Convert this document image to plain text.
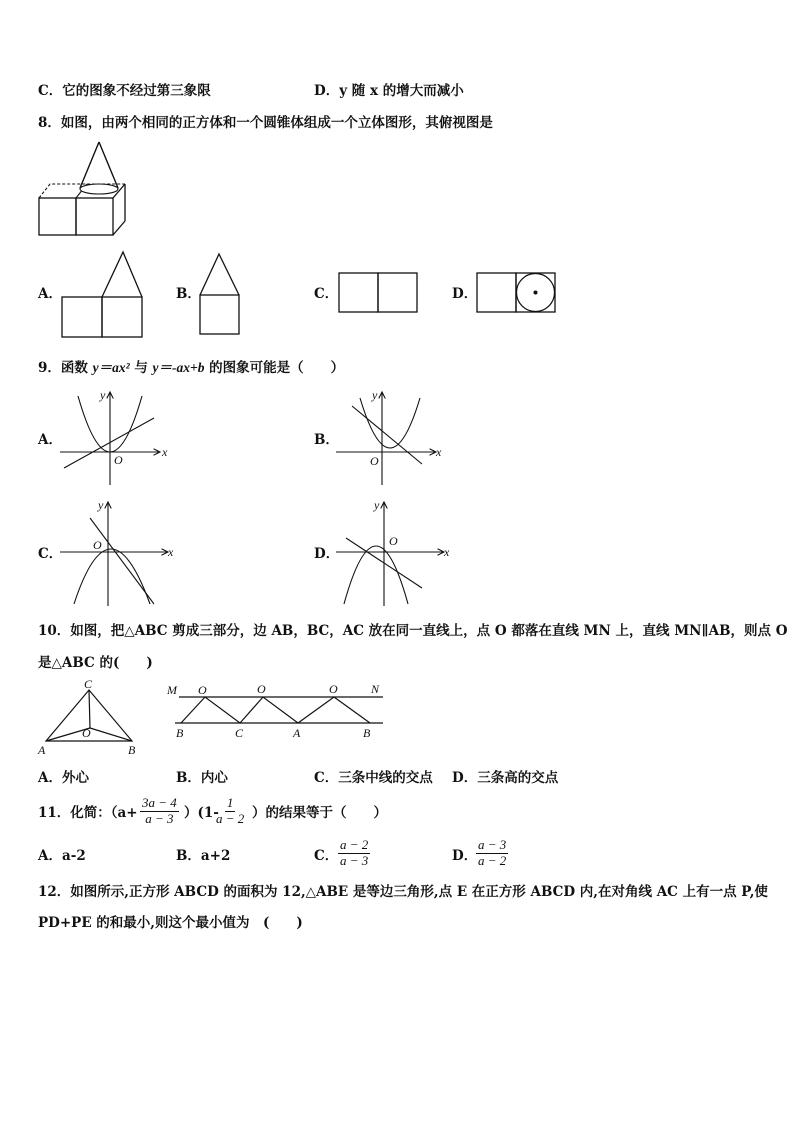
C．它的图象不经过第三象限	D．y 随 x 的增大而减小
8．如图，由两个相同的正方体和一个圆锥体组成一个立体图形，其俯视图是
A．	B．	C．	D．
9．函数 y＝ax² 与 y＝-ax+b 的图象可能是（　　）
A．
x
y
O
B．
x
y
O
C．	x
y
O
D．	x
y
O
10．如图，把△ABC 剪成三部分，边 AB，BC，AC 放在同一直线上，点 O 都落在直线 MN 上，直线 MN∥AB，则点 O
是△ABC 的(　　)
C
O
A	B
M O	O	O	N
B	C	A	B
A．外心	B．内心	C．三条中线的交点 D．三条高的交点
11．化简：$(a+ \frac{3a - 4}{a - 3} )(1-$
$\frac{1}{a - 2}$ ）的结果等于（　　）
A．a-2	B．a+2	C． $\frac{a - 2}{a - 3}$	D．
$\frac{a - 3}{a - 2}$
12．如图所示,正方形 ABCD 的面积为 12,△ABE 是等边三角形,点 E 在正方形 ABCD 内,在对角线 AC 上有一点 P,使
PD+PE 的和最小,则这个最小值为　(　　)
